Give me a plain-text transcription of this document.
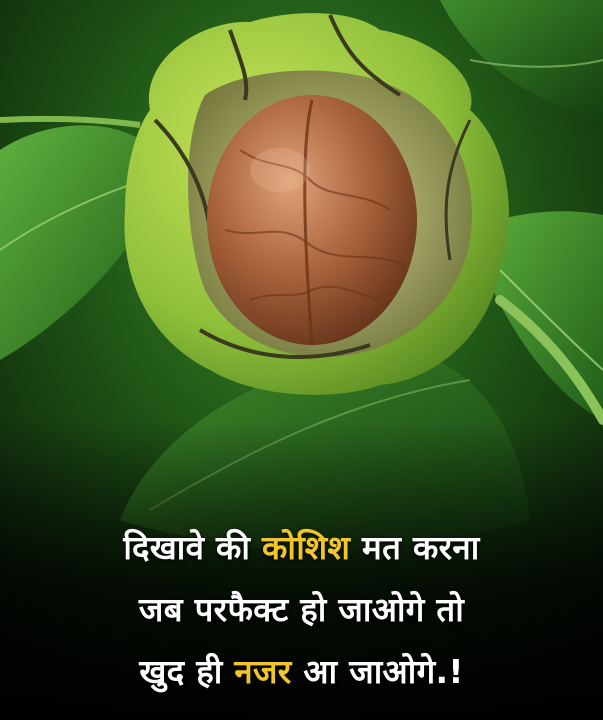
दिखावे की कोशिश मत करना
जब परफैक्ट हो जाओगे तो
खुद ही नजर आ जाओगे.!
